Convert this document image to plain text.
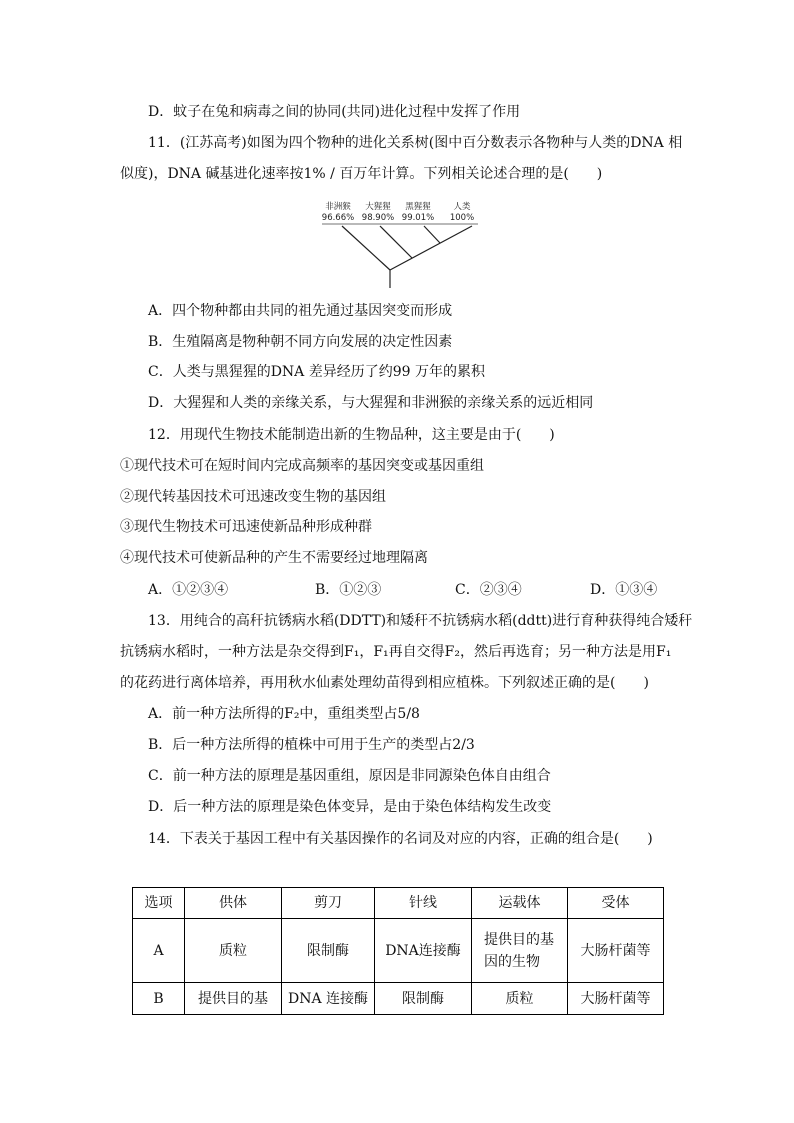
D．蚊子在兔和病毒之间的协同(共同)进化过程中发挥了作用
11．(江苏高考)如图为四个物种的进化关系树(图中百分数表示各物种与人类的DNA 相
似度)，DNA 碱基进化速率按1% / 百万年计算。下列相关论述合理的是(　　)
非洲猴 大猩猩 黑猩猩	人类
96.66% 98.90% 99.01% 100%
A．四个物种都由共同的祖先通过基因突变而形成
B．生殖隔离是物种朝不同方向发展的决定性因素
C．人类与黑猩猩的DNA 差异经历了约99 万年的累积
D．大猩猩和人类的亲缘关系，与大猩猩和非洲猴的亲缘关系的远近相同
12．用现代生物技术能制造出新的生物品种，这主要是由于(　　)
①现代技术可在短时间内完成高频率的基因突变或基因重组
②现代转基因技术可迅速改变生物的基因组
③现代生物技术可迅速使新品种形成种群
④现代技术可使新品种的产生不需要经过地理隔离
A．①②③④	B．①②③	C．②③④	D．①③④
13．用纯合的高秆抗锈病水稻(DDTT)和矮秆不抗锈病水稻(ddtt)进行育种获得纯合矮秆
抗锈病水稻时，一种方法是杂交得到F₁，F₁再自交得F₂，然后再选育；另一种方法是用F₁
的花药进行离体培养，再用秋水仙素处理幼苗得到相应植株。下列叙述正确的是(　　)
A．前一种方法所得的F₂中，重组类型占5/8
B．后一种方法所得的植株中可用于生产的类型占2/3
C．前一种方法的原理是基因重组，原因是非同源染色体自由组合
D．后一种方法的原理是染色体变异，是由于染色体结构发生改变
14．下表关于基因工程中有关基因操作的名词及对应的内容，正确的组合是(　　)
选项	供体	剪刀	针线	运载体	受体
A	质粒	限制酶	DNA连接酶	提供目的基因的生物	大肠杆菌等
B	提供目的基	DNA 连接酶	限制酶	质粒	大肠杆菌等
